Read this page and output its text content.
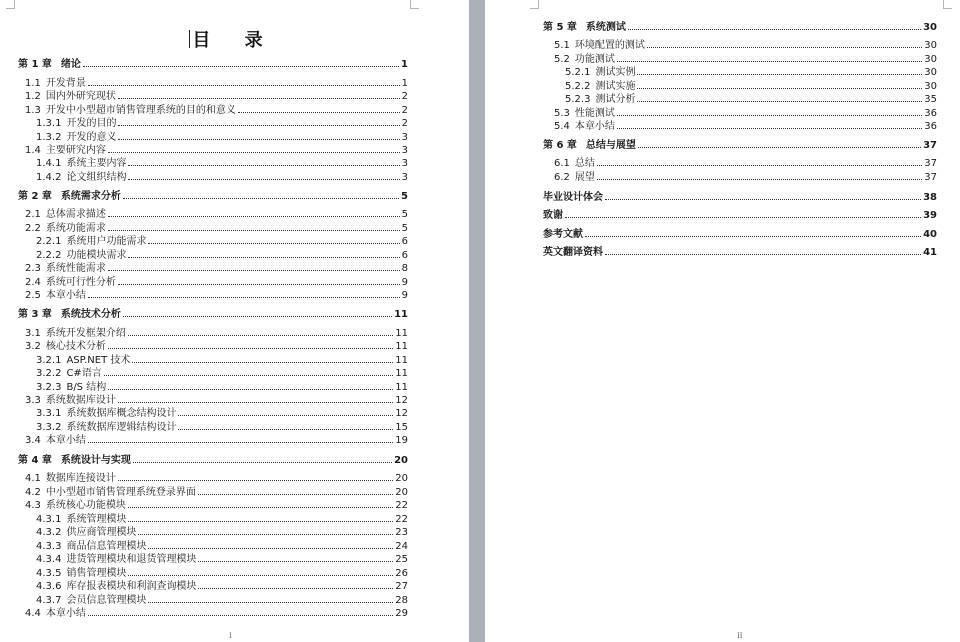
目 录
第 1 章 绪论	1
1.1 开发背景	1
1.2 国内外研究现状	2
1.3 开发中小型超市销售管理系统的目的和意义	2
1.3.1 开发的目的	2
1.3.2 开发的意义	3
1.4 主要研究内容	3
1.4.1 系统主要内容	3
1.4.2 论文组织结构	3
第 2 章 系统需求分析	5
2.1 总体需求描述	5
2.2 系统功能需求	5
2.2.1 系统用户功能需求	6
2.2.2 功能模块需求	6
2.3 系统性能需求	8
2.4 系统可行性分析	9
2.5 本章小结	9
第 3 章 系统技术分析	11
3.1 系统开发框架介绍	11
3.2 核心技术分析	11
3.2.1 ASP.NET 技术	11
3.2.2 C#语言	11
3.2.3 B/S 结构	11
3.3 系统数据库设计	12
3.3.1 系统数据库概念结构设计	12
3.3.2 系统数据库逻辑结构设计	15
3.4 本章小结	19
第 4 章 系统设计与实现	20
4.1 数据库连接设计	20
4.2 中小型超市销售管理系统登录界面	20
4.3 系统核心功能模块	22
4.3.1 系统管理模块	22
4.3.2 供应商管理模块	23
4.3.3 商品信息管理模块	24
4.3.4 进货管理模块和退货管理模块	25
4.3.5 销售管理模块	26
4.3.6 库存报表模块和利润查询模块	27
4.3.7 会员信息管理模块	28
4.4 本章小结	29
I
第 5 章 系统测试	30
5.1 环境配置的测试	30
5.2 功能测试	30
5.2.1 测试实例	30
5.2.2 测试实施	30
5.2.3 测试分析	35
5.3 性能测试	36
5.4 本章小结	36
第 6 章 总结与展望	37
6.1 总结	37
6.2 展望	37
毕业设计体会	38
致谢	39
参考文献	40
英文翻译资料	41
II
